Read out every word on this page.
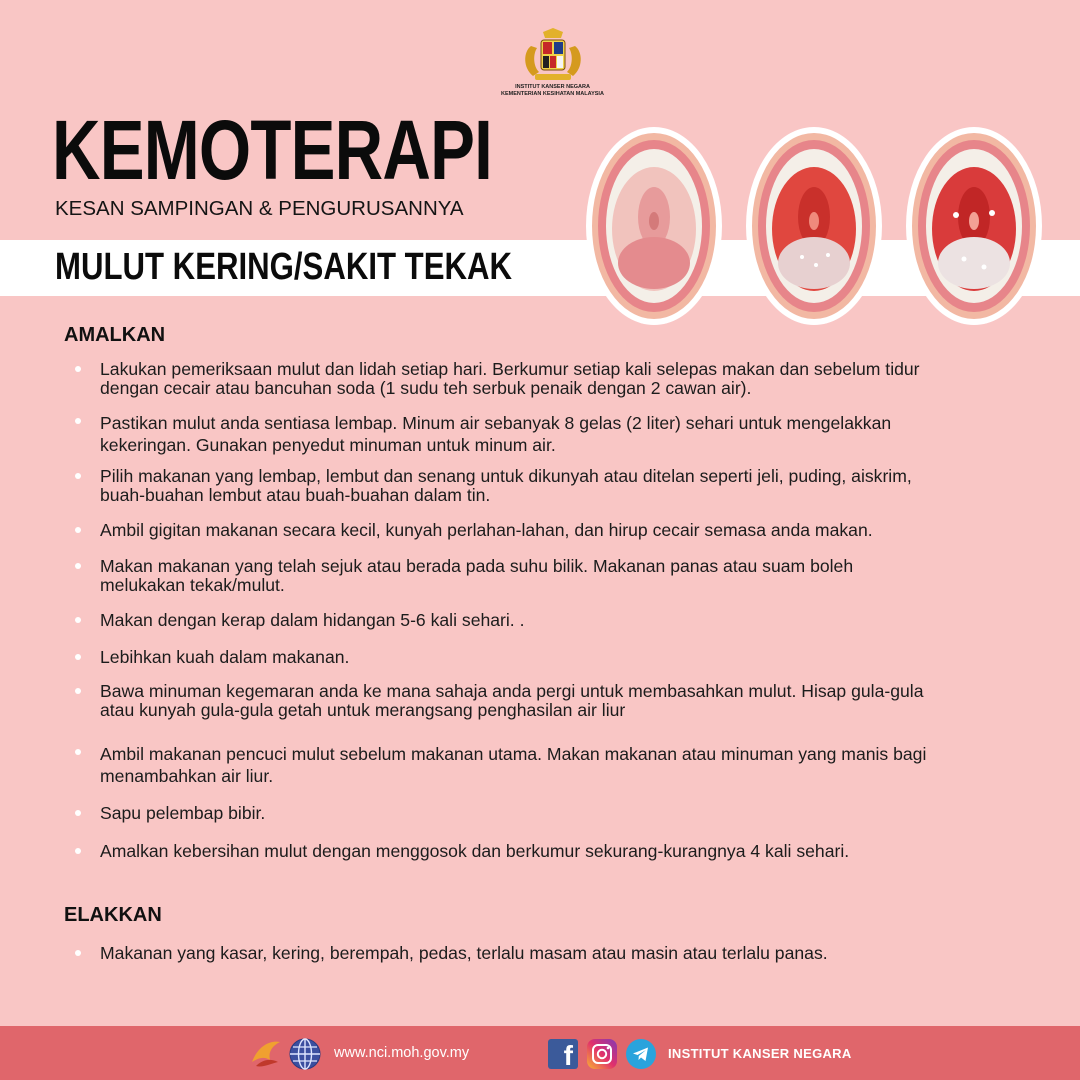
INSTITUT KANSER NEGARA
KEMENTERIAN KESIHATAN MALAYSIA
KEMOTERAPI
KESAN SAMPINGAN & PENGURUSANNYA
MULUT KERING/SAKIT TEKAK
AMALKAN
Lakukan pemeriksaan mulut dan lidah setiap hari. Berkumur setiap kali selepas makan dan sebelum tidur
dengan cecair atau bancuhan soda (1 sudu teh serbuk penaik dengan 2 cawan air).
Pastikan mulut anda sentiasa lembap. Minum air sebanyak 8 gelas (2 liter) sehari untuk mengelakkan
kekeringan. Gunakan penyedut minuman untuk minum air.
Pilih makanan yang lembap, lembut dan senang untuk dikunyah atau ditelan seperti jeli, puding, aiskrim,
buah-buahan lembut atau buah-buahan dalam tin.
Ambil gigitan makanan secara kecil, kunyah perlahan-lahan, dan hirup cecair semasa anda makan.
Makan makanan yang telah sejuk atau berada pada suhu bilik. Makanan panas atau suam boleh
melukakan tekak/mulut.
Makan dengan kerap dalam hidangan 5-6 kali sehari. .
Lebihkan kuah dalam makanan.
Bawa minuman kegemaran anda ke mana sahaja anda pergi untuk membasahkan mulut. Hisap gula-gula
atau kunyah gula-gula getah untuk merangsang penghasilan air liur
Ambil makanan pencuci mulut sebelum makanan utama. Makan makanan atau minuman yang manis bagi
menambahkan air liur.
Sapu pelembap bibir.
Amalkan kebersihan mulut dengan menggosok dan berkumur sekurang-kurangnya 4 kali sehari.
ELAKKAN
Makanan yang kasar, kering, berempah, pedas, terlalu masam atau masin atau terlalu panas.
www.nci.moh.gov.my	f	INSTITUT KANSER NEGARA
